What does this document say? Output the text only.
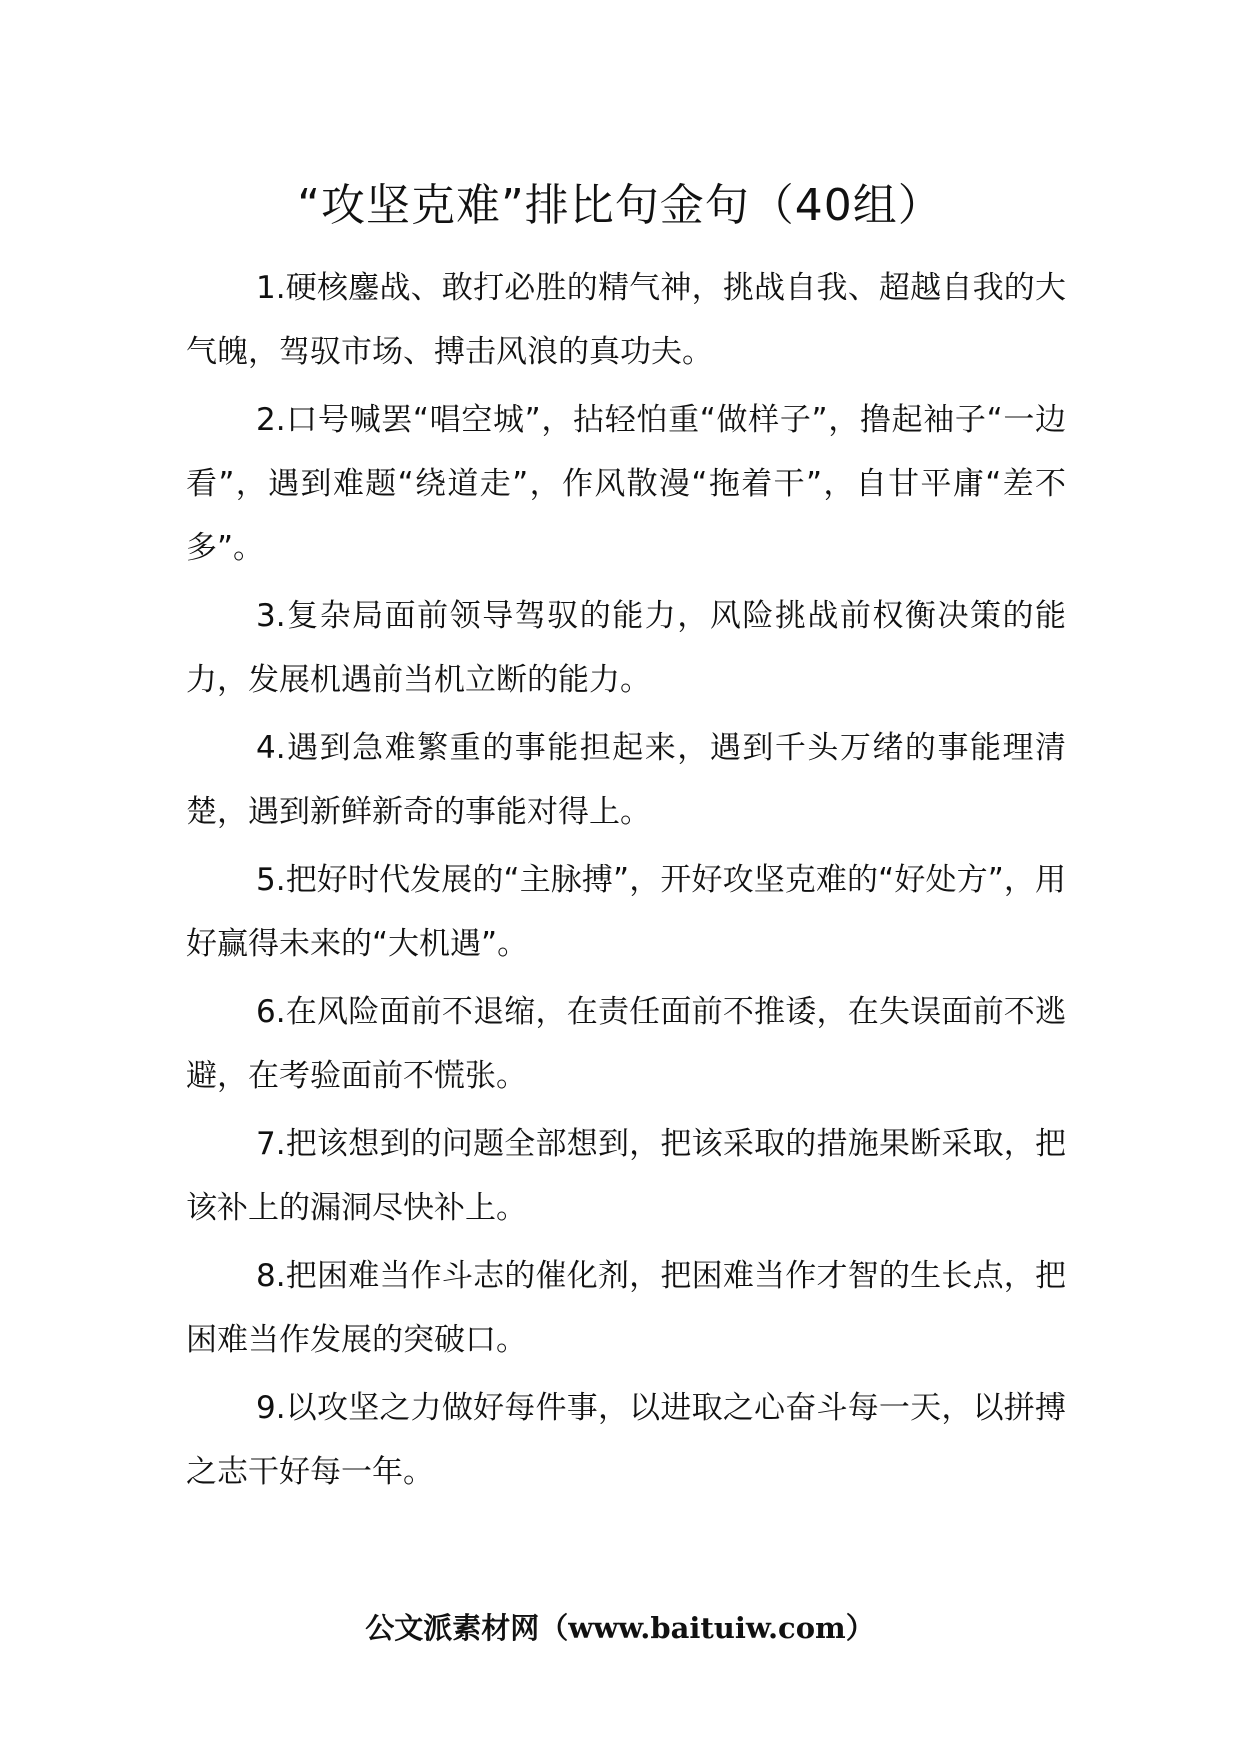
“攻坚克难”排比句金句（40组）

1.硬核鏖战、敢打必胜的精气神，挑战自我、超越自我的大气魄，驾驭市场、搏击风浪的真功夫。

2.口号喊罢“唱空城”，拈轻怕重“做样子”，撸起袖子“一边看”，遇到难题“绕道走”，作风散漫“拖着干”，自甘平庸“差不多”。

3.复杂局面前领导驾驭的能力，风险挑战前权衡决策的能力，发展机遇前当机立断的能力。

4.遇到急难繁重的事能担起来，遇到千头万绪的事能理清楚，遇到新鲜新奇的事能对得上。

5.把好时代发展的“主脉搏”，开好攻坚克难的“好处方”，用好赢得未来的“大机遇”。

6.在风险面前不退缩，在责任面前不推诿，在失误面前不逃避，在考验面前不慌张。

7.把该想到的问题全部想到，把该采取的措施果断采取，把该补上的漏洞尽快补上。

8.把困难当作斗志的催化剂，把困难当作才智的生长点，把困难当作发展的突破口。

9.以攻坚之力做好每件事，以进取之心奋斗每一天，以拼搏之志干好每一年。

公文派素材网（www.baituiw.com）
